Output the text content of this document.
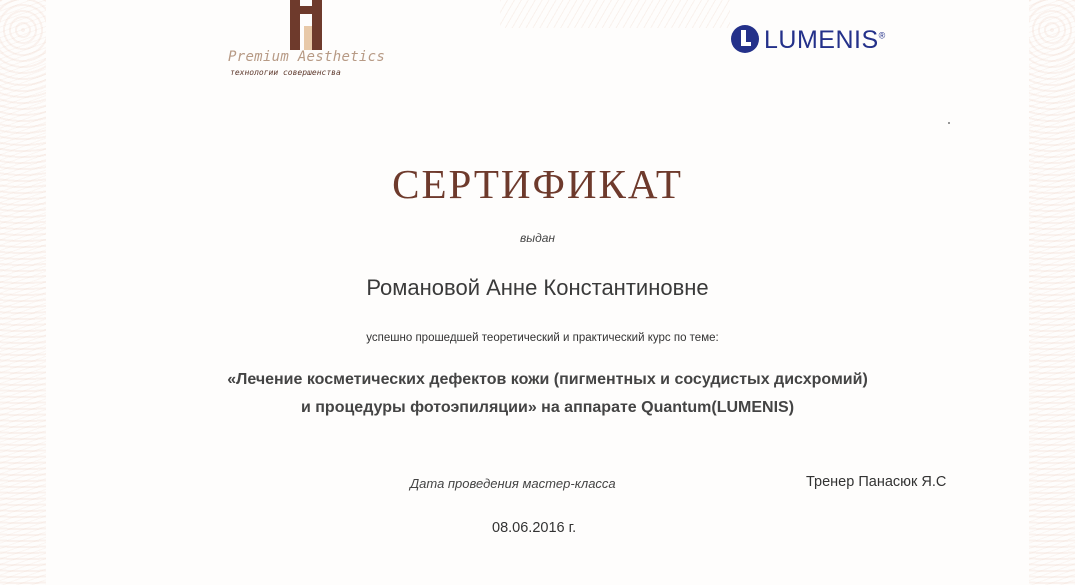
Premium Aesthetics
технологии совершенства
LUMENIS®
СЕРТИФИКАТ
выдан
Романовой Анне Константиновне
успешно прошедшей теоретический и практический курс по теме:
«Лечение косметических дефектов кожи (пигментных и сосудистых дисхромий)
и процедуры фотоэпиляции» на аппарате Quantum(LUMENIS)
Дата проведения мастер-класса	Тренер Панасюк Я.С
08.06.2016 г.
